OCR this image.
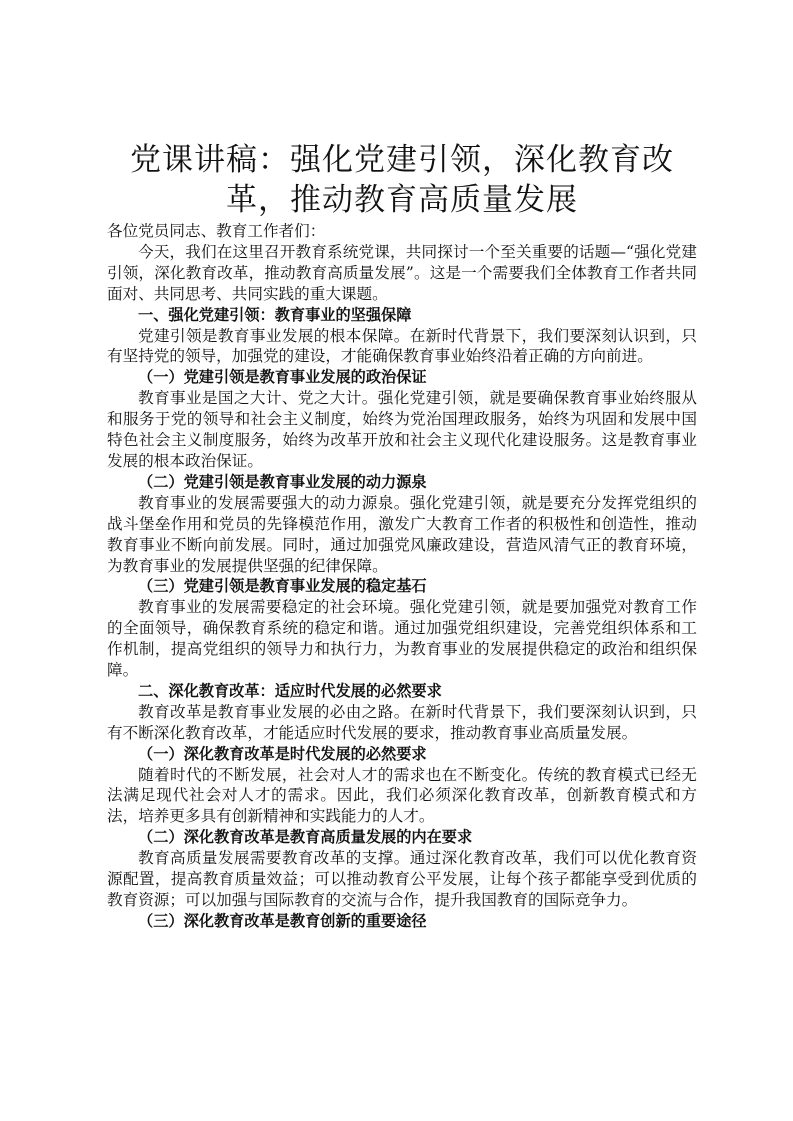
党课讲稿：强化党建引领，深化教育改革，推动教育高质量发展

各位党员同志、教育工作者们：

今天，我们在这里召开教育系统党课，共同探讨一个至关重要的话题—“强化党建引领，深化教育改革，推动教育高质量发展”。这是一个需要我们全体教育工作者共同面对、共同思考、共同实践的重大课题。

一、强化党建引领：教育事业的坚强保障

党建引领是教育事业发展的根本保障。在新时代背景下，我们要深刻认识到，只有坚持党的领导，加强党的建设，才能确保教育事业始终沿着正确的方向前进。

（一）党建引领是教育事业发展的政治保证

教育事业是国之大计、党之大计。强化党建引领，就是要确保教育事业始终服从和服务于党的领导和社会主义制度，始终为党治国理政服务，始终为巩固和发展中国特色社会主义制度服务，始终为改革开放和社会主义现代化建设服务。这是教育事业发展的根本政治保证。

（二）党建引领是教育事业发展的动力源泉

教育事业的发展需要强大的动力源泉。强化党建引领，就是要充分发挥党组织的战斗堡垒作用和党员的先锋模范作用，激发广大教育工作者的积极性和创造性，推动教育事业不断向前发展。同时，通过加强党风廉政建设，营造风清气正的教育环境，为教育事业的发展提供坚强的纪律保障。

（三）党建引领是教育事业发展的稳定基石

教育事业的发展需要稳定的社会环境。强化党建引领，就是要加强党对教育工作的全面领导，确保教育系统的稳定和谐。通过加强党组织建设，完善党组织体系和工作机制，提高党组织的领导力和执行力，为教育事业的发展提供稳定的政治和组织保障。

二、深化教育改革：适应时代发展的必然要求

教育改革是教育事业发展的必由之路。在新时代背景下，我们要深刻认识到，只有不断深化教育改革，才能适应时代发展的要求，推动教育事业高质量发展。

（一）深化教育改革是时代发展的必然要求

随着时代的不断发展，社会对人才的需求也在不断变化。传统的教育模式已经无法满足现代社会对人才的需求。因此，我们必须深化教育改革，创新教育模式和方法，培养更多具有创新精神和实践能力的人才。

（二）深化教育改革是教育高质量发展的内在要求

教育高质量发展需要教育改革的支撑。通过深化教育改革，我们可以优化教育资源配置，提高教育质量效益；可以推动教育公平发展，让每个孩子都能享受到优质的教育资源；可以加强与国际教育的交流与合作，提升我国教育的国际竞争力。

（三）深化教育改革是教育创新的重要途径
